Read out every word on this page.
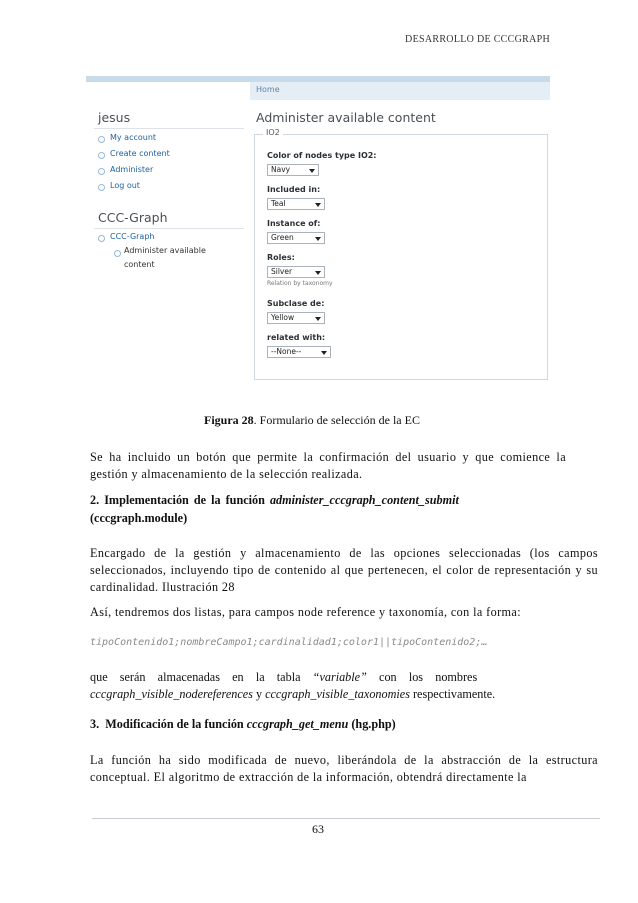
DESARROLLO DE CCCGRAPH
jesus
My account
Create content
Administer
Log out
CCC-Graph
CCC-Graph
Administer available content
Home
Administer available content
IO2
Color of nodes type IO2:
Navy
Included in:
Teal
Instance of:
Green
Roles:
Silver
Relation by taxonomy
Subclase de:
Yellow
related with:
--None--
Figura 28. Formulario de selección de la EC
Se ha incluido un botón que permite la confirmación del usuario y que comience la gestión y almacenamiento de la selección realizada.
2. Implementación de la función administer_cccgraph_content_submit
(cccgraph.module)
Encargado de la gestión y almacenamiento de las opciones seleccionadas (los campos seleccionados, incluyendo tipo de contenido al que pertenecen, el color de representación y su cardinalidad. Ilustración 28
Así, tendremos dos listas, para campos node reference y taxonomía, con la forma:
tipoContenido1;nombreCampo1;cardinalidad1;color1||tipoContenido2;…
que    serán    almacenadas    en    la    tabla    “variable”    con    los    nombres
cccgraph_visible_nodereferences y cccgraph_visible_taxonomies respectivamente.
3.  Modificación de la función cccgraph_get_menu (hg.php)
La función ha sido modificada de nuevo, liberándola de la abstracción de la estructura conceptual. El algoritmo de extracción de la información, obtendrá directamente la
63
